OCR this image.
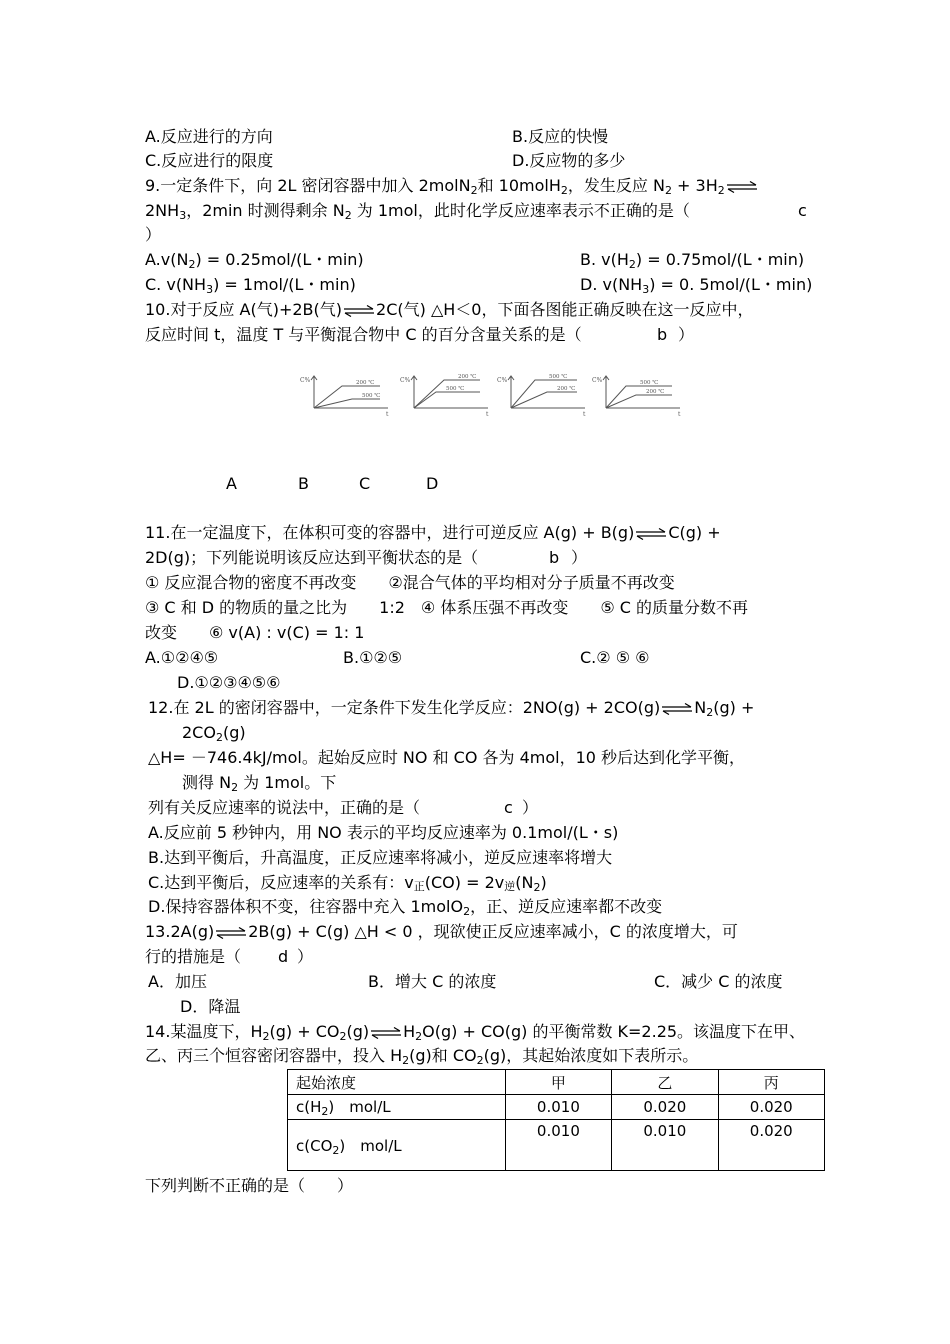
A.反应进行的方向	B.反应的快慢
C.反应进行的限度	D.反应物的多少
9.一定条件下，向 2L 密闭容器中加入 2molN$_2$和 10molH$_2$，发生反应 $N_2$ + $3H_2\rightleftharpoons$
$2NH_3$，2min 时测得剩余 $N_2$ 为 1mol，此时化学反应速率表示不正确的是（	c
）
$A.v(N_2) = 0.25mol/(L$・min)	B. $v(H_2) = 0.75mol/(L$・min)
C. $v(NH_3) = 1mol/(L$・min)	D. $v(NH_3) = 0$. 5mol/(L・min)
10.对于反应 A(气)+2B(气)⇌2C(气) △H＜0，下面各图能正确反映在这一反应中，
反应时间 t，温度 T 与平衡混合物中 C 的百分含量关系的是（	b ）
C%
t
200 ℃
500 ℃
C%
t
200 ℃
500 ℃
C%
t
500 ℃
200 ℃
C%
t
500 ℃
200 ℃
A	B	C	D
11.在一定温度下，在体积可变的容器中，进行可逆反应 A(g) + B(g)⇌C(g) +
2D(g)；下列能说明该反应达到平衡状态的是（	b ）
① 反应混合物的密度不再改变　　②混合气体的平均相对分子质量不再改变
③ C 和 D 的物质的量之比为　　1:2　④ 体系压强不再改变　　⑤ C 的质量分数不再
改变　　⑥ v(A) : v(C) = 1: 1
A.①②④⑤	B.①②⑤	C.② ⑤ ⑥
D.①②③④⑤⑥
12.在 2L 的密闭容器中，一定条件下发生化学反应：$2NO(g) + 2CO(g)\rightleftharpoons N_2(g)$ +
$2CO_2(g)$
△H= －746.4kJ/mol。起始反应时 NO 和 CO 各为 4mol，10 秒后达到化学平衡，
测得 $N_2$ 为 1mol。下
列有关反应速率的说法中，正确的是（	c ）
A.反应前 5 秒钟内，用 NO 表示的平均反应速率为 0.1mol/(L・s)
B.达到平衡后，升高温度，正反应速率将减小，逆反应速率将增大
C.达到平衡后，反应速率的关系有：v正(CO) = 2v逆$(N_2)$
D.保持容器体积不变，往容器中充入 1molO$_2$，正、逆反应速率都不改变
13.2A(g)⇌2B(g) + C(g) △H < 0 ，现欲使正反应速率减小，C 的浓度增大，可
行的措施是（ d ）
A．加压	B．增大 C 的浓度	C．减少 C 的浓度
D．降温
14.某温度下，$H_2(g)$ + $CO_2(g)\rightleftharpoons H_2O(g) + CO(g)$ 的平衡常数 K=2.25。该温度下在甲、
乙、丙三个恒容密闭容器中，投入 $H_2(g)$和 $CO_2(g)$，其起始浓度如下表所示。
起始浓度	甲	乙	丙
$c(H_2)$　mol/L	0.010	0.020	0.020
$c(CO_2)$　mol/L	0.010	0.010	0.020
下列判断不正确的是（　　）
